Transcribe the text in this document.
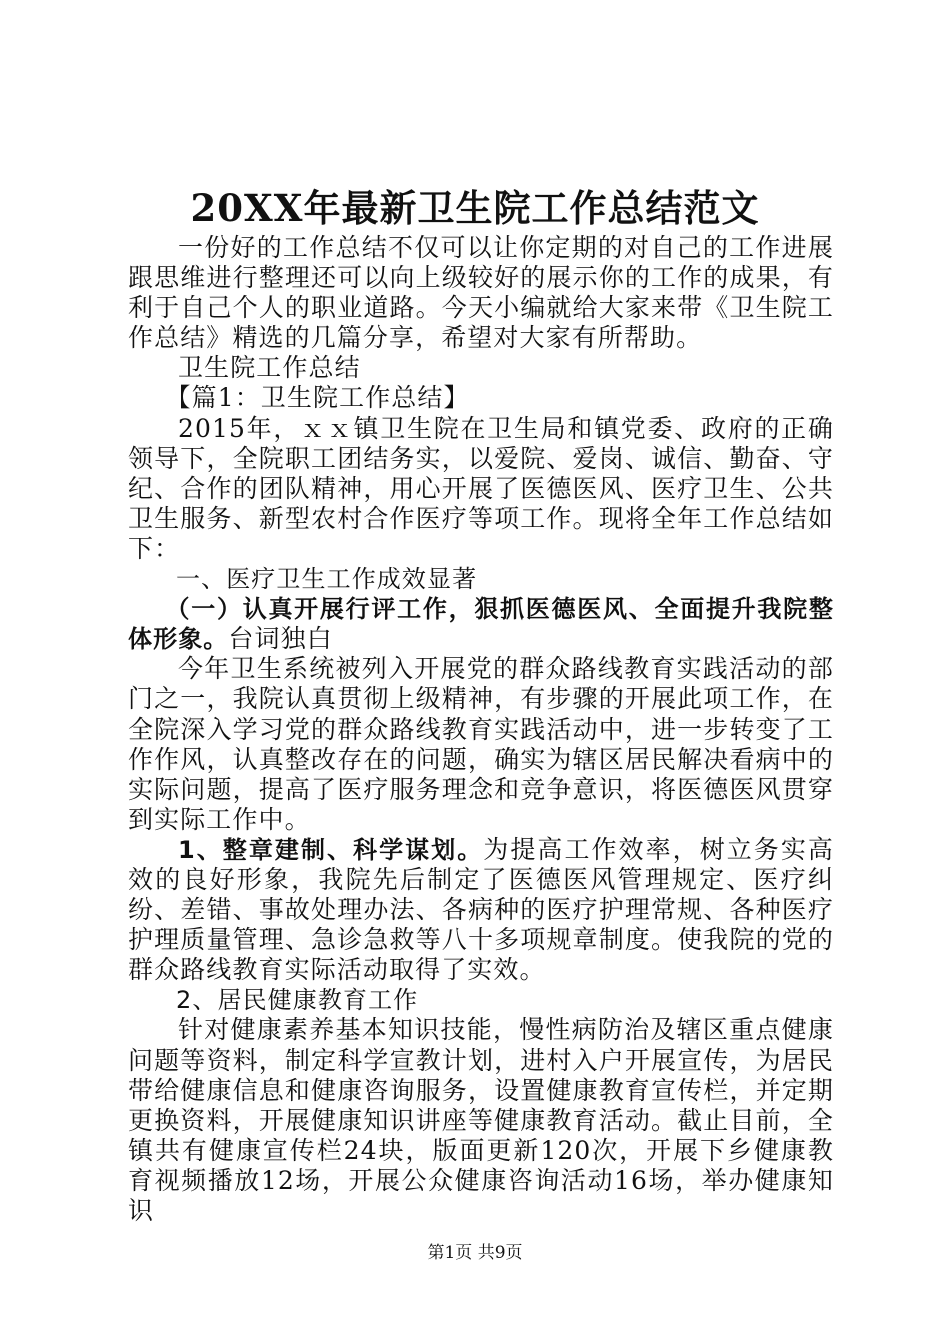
20XX年最新卫生院工作总结范文

一份好的工作总结不仅可以让你定期的对自己的工作进展跟思维进行整理还可以向上级较好的展示你的工作的成果，有利于自己个人的职业道路。今天小编就给大家来带《卫生院工作总结》精选的几篇分享，希望对大家有所帮助。

卫生院工作总结

【篇1：卫生院工作总结】

2015年，ｘｘ镇卫生院在卫生局和镇党委、政府的正确领导下，全院职工团结务实，以爱院、爱岗、诚信、勤奋、守纪、合作的团队精神，用心开展了医德医风、医疗卫生、公共卫生服务、新型农村合作医疗等项工作。现将全年工作总结如下：

一、医疗卫生工作成效显著

（一）认真开展行评工作，狠抓医德医风、全面提升我院整体形象。台词独白

今年卫生系统被列入开展党的群众路线教育实践活动的部门之一，我院认真贯彻上级精神，有步骤的开展此项工作，在全院深入学习党的群众路线教育实践活动中，进一步转变了工作作风，认真整改存在的问题，确实为辖区居民解决看病中的实际问题，提高了医疗服务理念和竞争意识，将医德医风贯穿到实际工作中。

1、整章建制、科学谋划。为提高工作效率，树立务实高效的良好形象，我院先后制定了医德医风管理规定、医疗纠纷、差错、事故处理办法、各病种的医疗护理常规、各种医疗护理质量管理、急诊急救等八十多项规章制度。使我院的党的群众路线教育实际活动取得了实效。

2、居民健康教育工作

针对健康素养基本知识技能，慢性病防治及辖区重点健康问题等资料，制定科学宣教计划，进村入户开展宣传，为居民带给健康信息和健康咨询服务，设置健康教育宣传栏，并定期更换资料，开展健康知识讲座等健康教育活动。截止目前，全镇共有健康宣传栏24块，版面更新120次，开展下乡健康教育视频播放12场，开展公众健康咨询活动16场，举办健康知识

第1页 共9页
